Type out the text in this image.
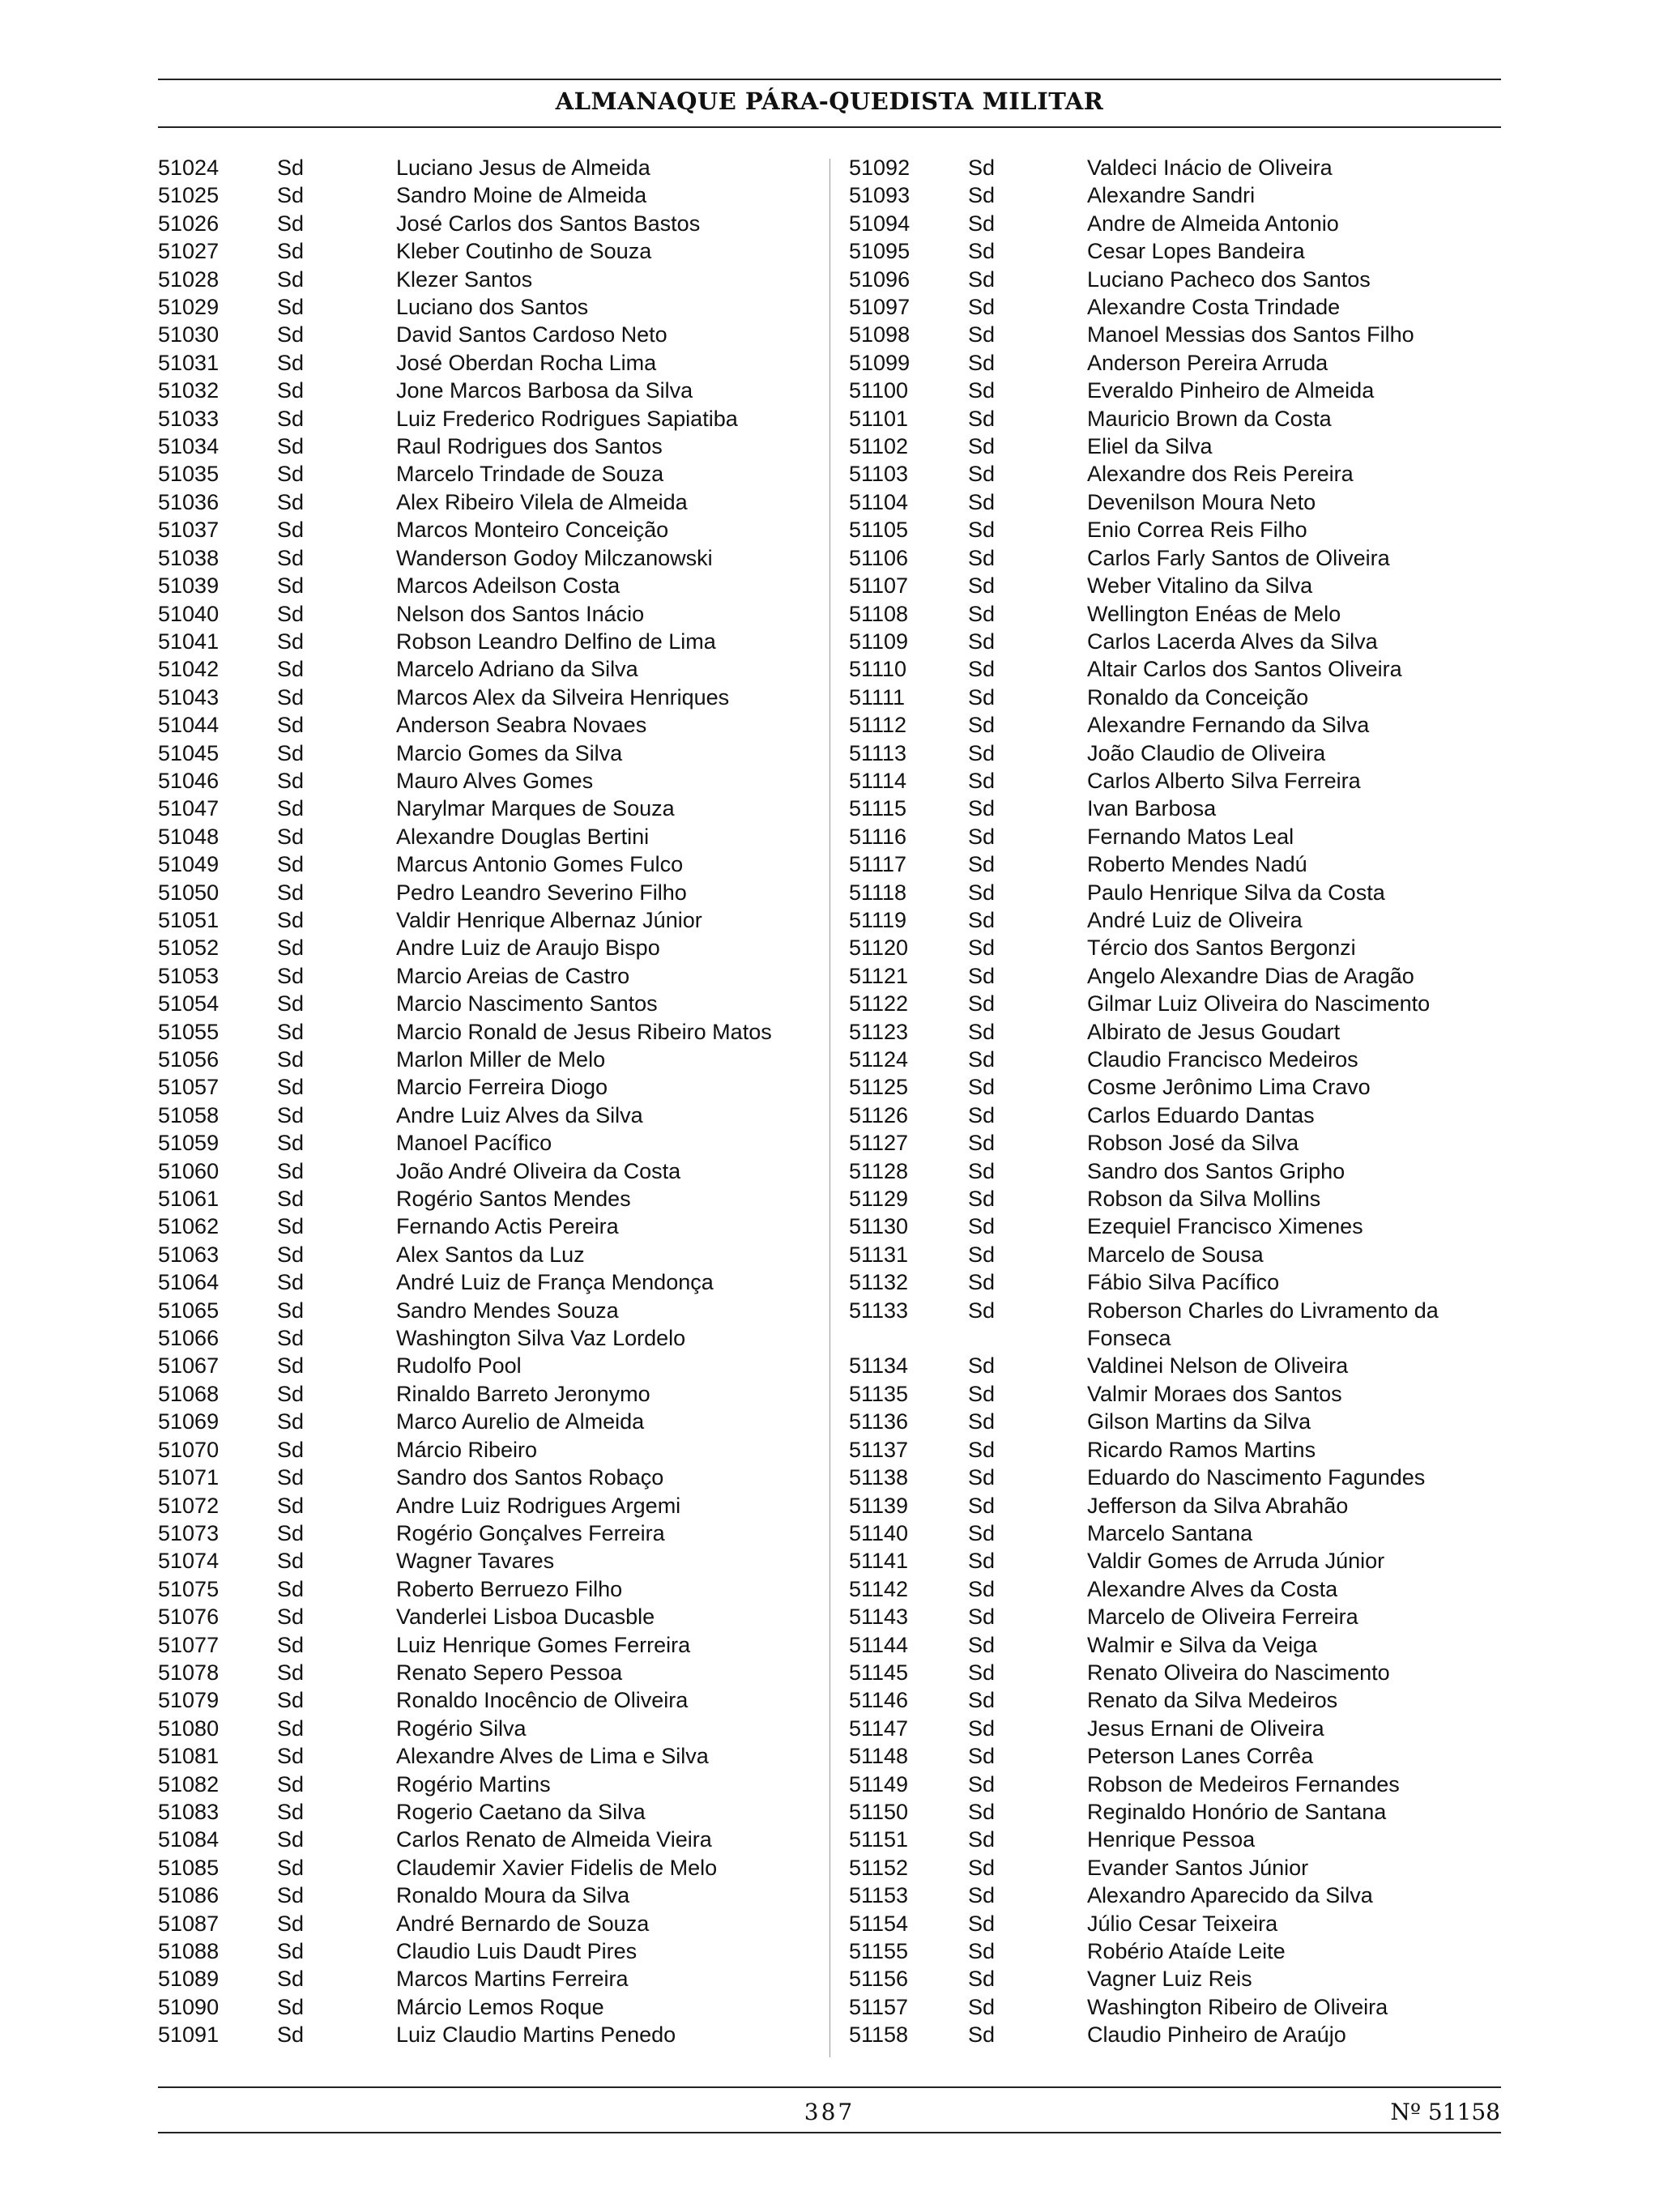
ALMANAQUE PÁRA-QUEDISTA MILITAR
51024	Sd	Luciano Jesus de Almeida
51025	Sd	Sandro Moine de Almeida
51026	Sd	José Carlos dos Santos Bastos
51027	Sd	Kleber Coutinho de Souza
51028	Sd	Klezer Santos
51029	Sd	Luciano dos Santos
51030	Sd	David Santos Cardoso Neto
51031	Sd	José Oberdan Rocha Lima
51032	Sd	Jone Marcos Barbosa da Silva
51033	Sd	Luiz Frederico Rodrigues Sapiatiba
51034	Sd	Raul Rodrigues dos Santos
51035	Sd	Marcelo Trindade de Souza
51036	Sd	Alex Ribeiro Vilela de Almeida
51037	Sd	Marcos Monteiro Conceição
51038	Sd	Wanderson Godoy Milczanowski
51039	Sd	Marcos Adeilson Costa
51040	Sd	Nelson dos Santos Inácio
51041	Sd	Robson Leandro Delfino de Lima
51042	Sd	Marcelo Adriano da Silva
51043	Sd	Marcos Alex da Silveira Henriques
51044	Sd	Anderson Seabra Novaes
51045	Sd	Marcio Gomes da Silva
51046	Sd	Mauro Alves Gomes
51047	Sd	Narylmar Marques de Souza
51048	Sd	Alexandre Douglas Bertini
51049	Sd	Marcus Antonio Gomes Fulco
51050	Sd	Pedro Leandro Severino Filho
51051	Sd	Valdir Henrique Albernaz Júnior
51052	Sd	Andre Luiz de Araujo Bispo
51053	Sd	Marcio Areias de Castro
51054	Sd	Marcio Nascimento Santos
51055	Sd	Marcio Ronald de Jesus Ribeiro Matos
51056	Sd	Marlon Miller de Melo
51057	Sd	Marcio Ferreira Diogo
51058	Sd	Andre Luiz Alves da Silva
51059	Sd	Manoel Pacífico
51060	Sd	João André Oliveira da Costa
51061	Sd	Rogério Santos Mendes
51062	Sd	Fernando Actis Pereira
51063	Sd	Alex Santos da Luz
51064	Sd	André Luiz de França Mendonça
51065	Sd	Sandro Mendes Souza
51066	Sd	Washington Silva Vaz Lordelo
51067	Sd	Rudolfo Pool
51068	Sd	Rinaldo Barreto Jeronymo
51069	Sd	Marco Aurelio de Almeida
51070	Sd	Márcio Ribeiro
51071	Sd	Sandro dos Santos Robaço
51072	Sd	Andre Luiz Rodrigues Argemi
51073	Sd	Rogério Gonçalves Ferreira
51074	Sd	Wagner Tavares
51075	Sd	Roberto Berruezo Filho
51076	Sd	Vanderlei Lisboa Ducasble
51077	Sd	Luiz Henrique Gomes Ferreira
51078	Sd	Renato Sepero Pessoa
51079	Sd	Ronaldo Inocêncio de Oliveira
51080	Sd	Rogério Silva
51081	Sd	Alexandre Alves de Lima e Silva
51082	Sd	Rogério Martins
51083	Sd	Rogerio Caetano da Silva
51084	Sd	Carlos Renato de Almeida Vieira
51085	Sd	Claudemir Xavier Fidelis de Melo
51086	Sd	Ronaldo Moura da Silva
51087	Sd	André Bernardo de Souza
51088	Sd	Claudio Luis Daudt Pires
51089	Sd	Marcos Martins Ferreira
51090	Sd	Márcio Lemos Roque
51091	Sd	Luiz Claudio Martins Penedo
51092	Sd	Valdeci Inácio de Oliveira
51093	Sd	Alexandre Sandri
51094	Sd	Andre de Almeida Antonio
51095	Sd	Cesar Lopes Bandeira
51096	Sd	Luciano Pacheco dos Santos
51097	Sd	Alexandre Costa Trindade
51098	Sd	Manoel Messias dos Santos Filho
51099	Sd	Anderson Pereira Arruda
51100	Sd	Everaldo Pinheiro de Almeida
51101	Sd	Mauricio Brown da Costa
51102	Sd	Eliel da Silva
51103	Sd	Alexandre dos Reis Pereira
51104	Sd	Devenilson Moura Neto
51105	Sd	Enio Correa Reis Filho
51106	Sd	Carlos Farly Santos de Oliveira
51107	Sd	Weber Vitalino da Silva
51108	Sd	Wellington Enéas de Melo
51109	Sd	Carlos Lacerda Alves da Silva
51110	Sd	Altair Carlos dos Santos Oliveira
51111	Sd	Ronaldo da Conceição
51112	Sd	Alexandre Fernando da Silva
51113	Sd	João Claudio de Oliveira
51114	Sd	Carlos Alberto Silva Ferreira
51115	Sd	Ivan Barbosa
51116	Sd	Fernando Matos Leal
51117	Sd	Roberto Mendes Nadú
51118	Sd	Paulo Henrique Silva da Costa
51119	Sd	André Luiz de Oliveira
51120	Sd	Tércio dos Santos Bergonzi
51121	Sd	Angelo Alexandre Dias de Aragão
51122	Sd	Gilmar Luiz Oliveira do Nascimento
51123	Sd	Albirato de Jesus Goudart
51124	Sd	Claudio Francisco Medeiros
51125	Sd	Cosme Jerônimo Lima Cravo
51126	Sd	Carlos Eduardo Dantas
51127	Sd	Robson José da Silva
51128	Sd	Sandro dos Santos Gripho
51129	Sd	Robson da Silva Mollins
51130	Sd	Ezequiel Francisco Ximenes
51131	Sd	Marcelo de Sousa
51132	Sd	Fábio Silva Pacífico
51133	Sd	Roberson Charles do Livramento da Fonseca
51134	Sd	Valdinei Nelson de Oliveira
51135	Sd	Valmir Moraes dos Santos
51136	Sd	Gilson Martins da Silva
51137	Sd	Ricardo Ramos Martins
51138	Sd	Eduardo do Nascimento Fagundes
51139	Sd	Jefferson da Silva Abrahão
51140	Sd	Marcelo Santana
51141	Sd	Valdir Gomes de Arruda Júnior
51142	Sd	Alexandre Alves da Costa
51143	Sd	Marcelo de Oliveira Ferreira
51144	Sd	Walmir e Silva da Veiga
51145	Sd	Renato Oliveira do Nascimento
51146	Sd	Renato da Silva Medeiros
51147	Sd	Jesus Ernani de Oliveira
51148	Sd	Peterson Lanes Corrêa
51149	Sd	Robson de Medeiros Fernandes
51150	Sd	Reginaldo Honório de Santana
51151	Sd	Henrique Pessoa
51152	Sd	Evander Santos Júnior
51153	Sd	Alexandro Aparecido da Silva
51154	Sd	Júlio Cesar Teixeira
51155	Sd	Robério Ataíde Leite
51156	Sd	Vagner Luiz Reis
51157	Sd	Washington Ribeiro de Oliveira
51158	Sd	Claudio Pinheiro de Araújo
387	Nº 51158
